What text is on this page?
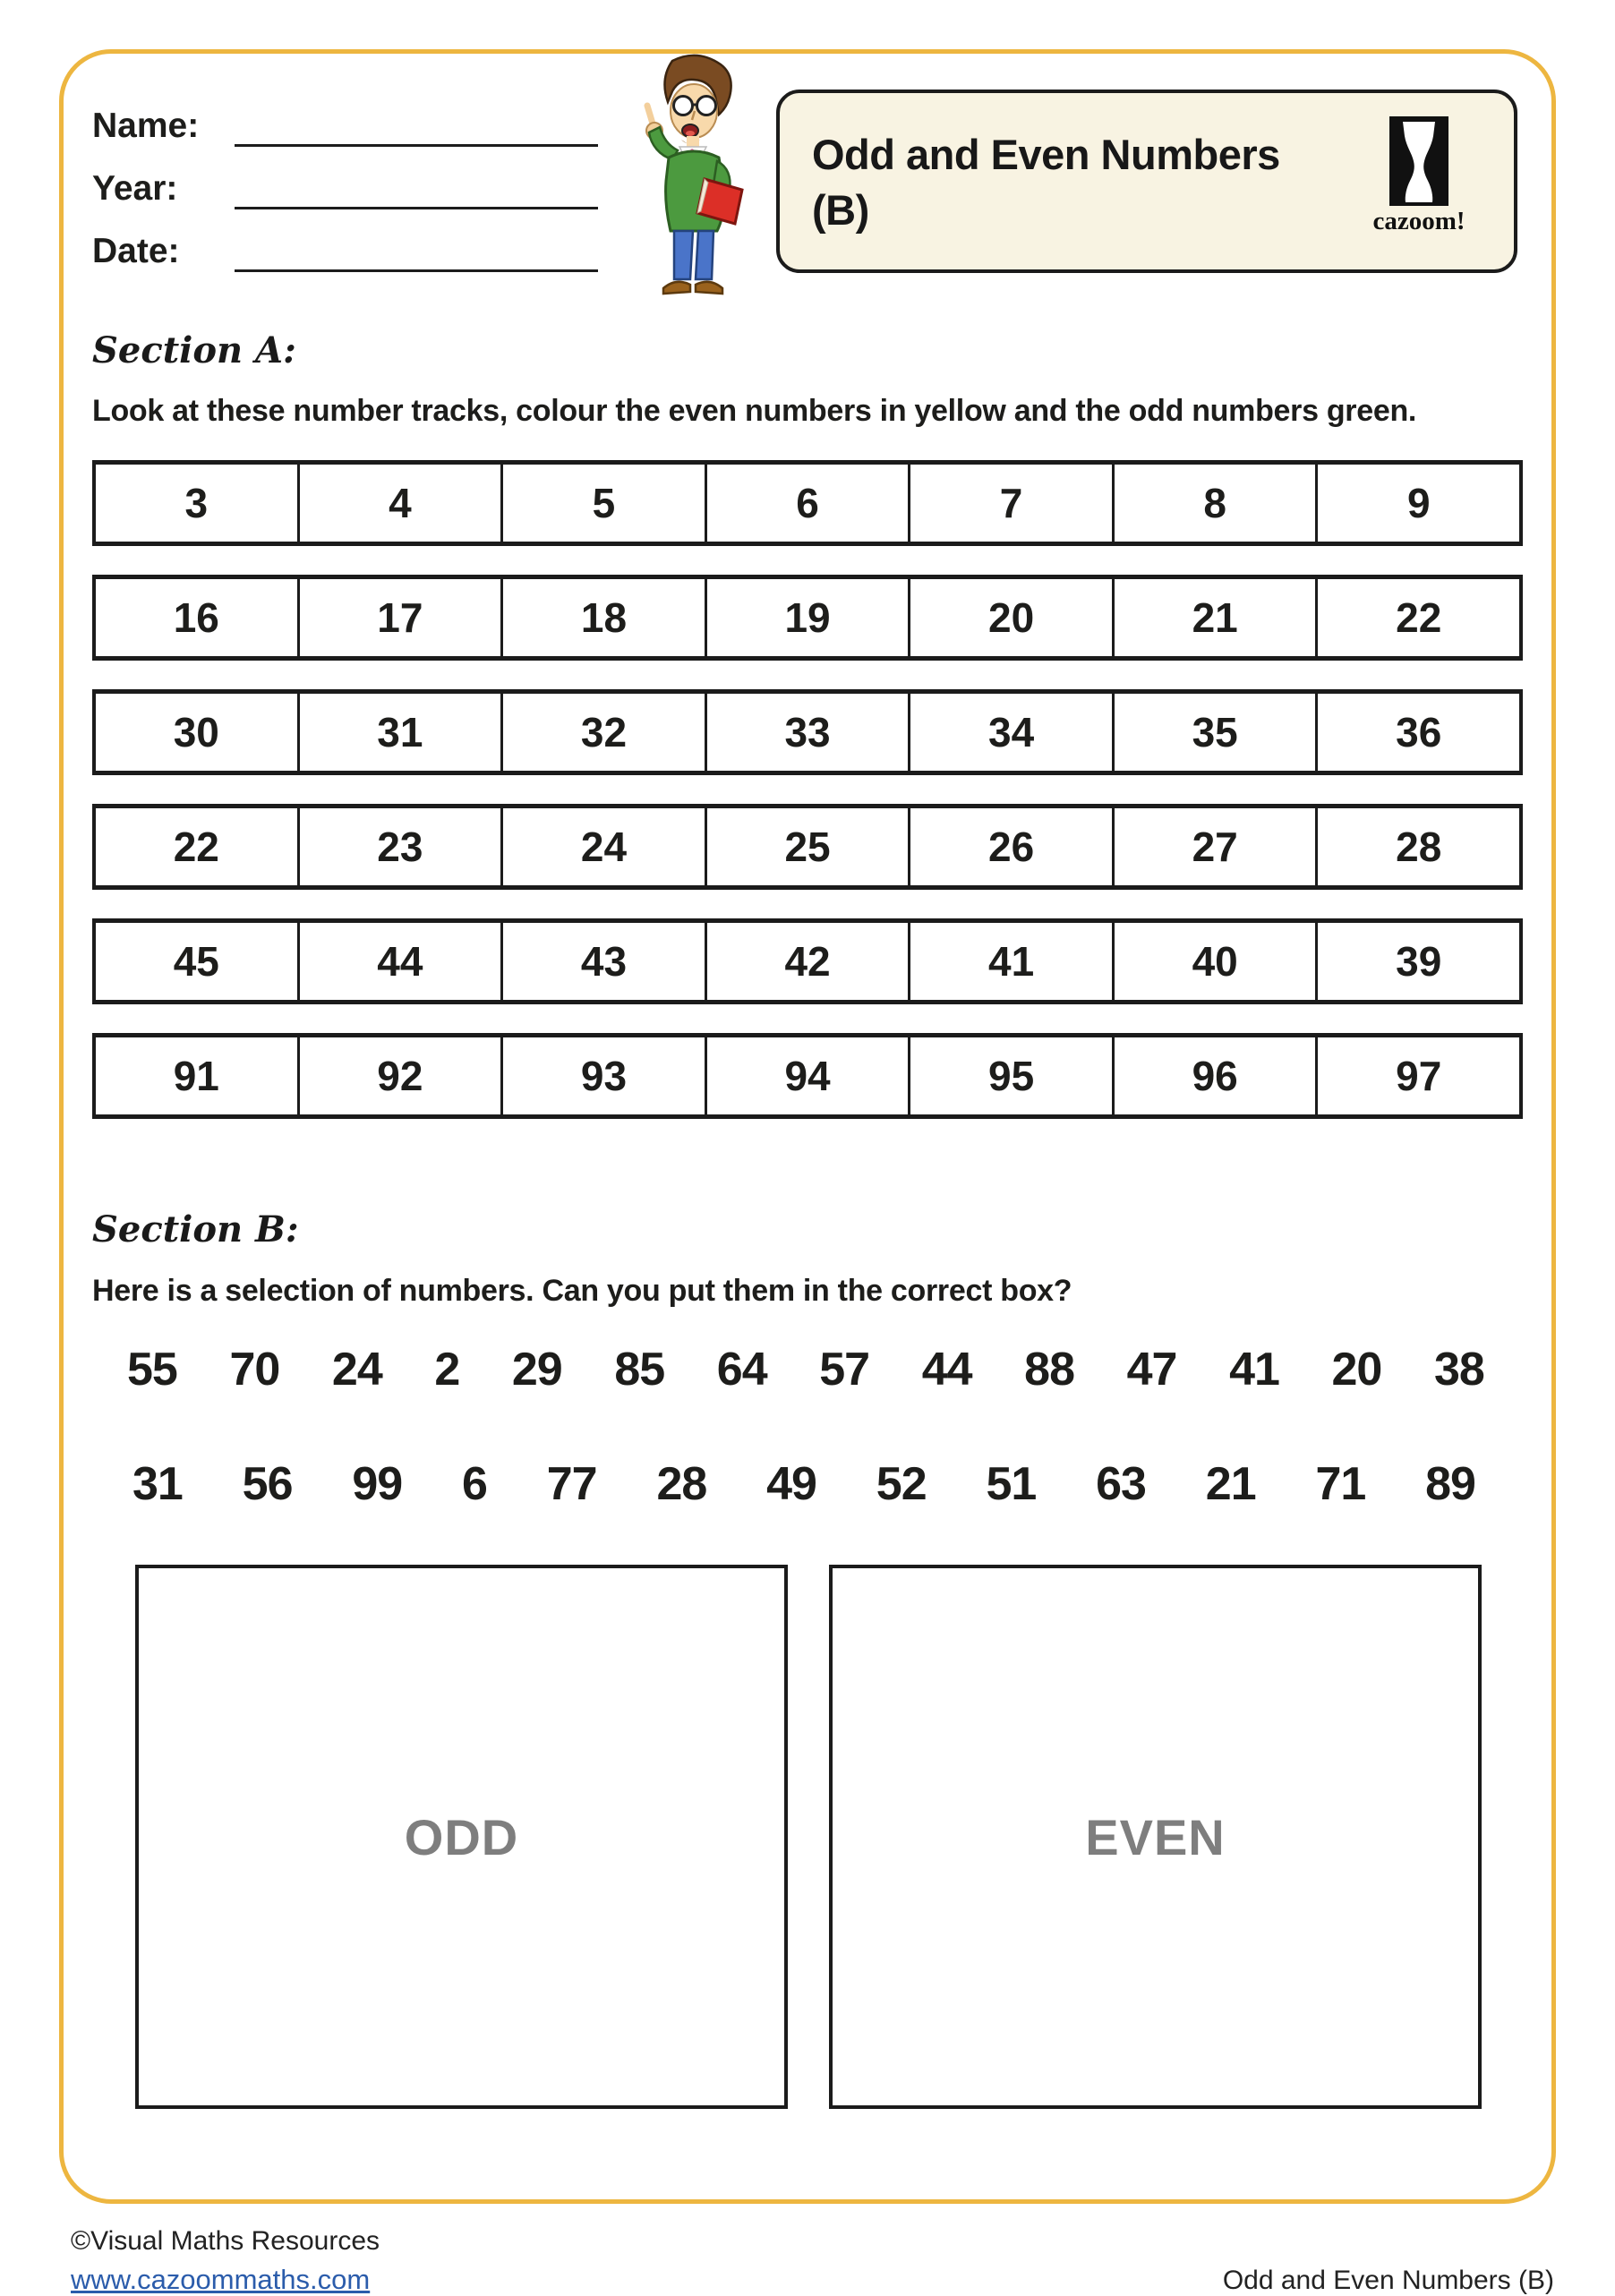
Name:
Year:
Date:
Odd and Even Numbers (B)	cazoom!
Section A:
Look at these number tracks, colour the even numbers in yellow and the odd numbers green.
3	4	5	6	7	8	9
16	17	18	19	20	21	22
30	31	32	33	34	35	36
22	23	24	25	26	27	28
45	44	43	42	41	40	39
91	92	93	94	95	96	97
Section B:
Here is a selection of numbers. Can you put them in the correct box?
55 70 24 2 29 85 64 57 44 88 47 41 20 38
31 56 99 6 77 28 49 52 51 63 21 71 89
ODD	EVEN
©Visual Maths Resources
www.cazoommaths.com	Odd and Even Numbers (B)
